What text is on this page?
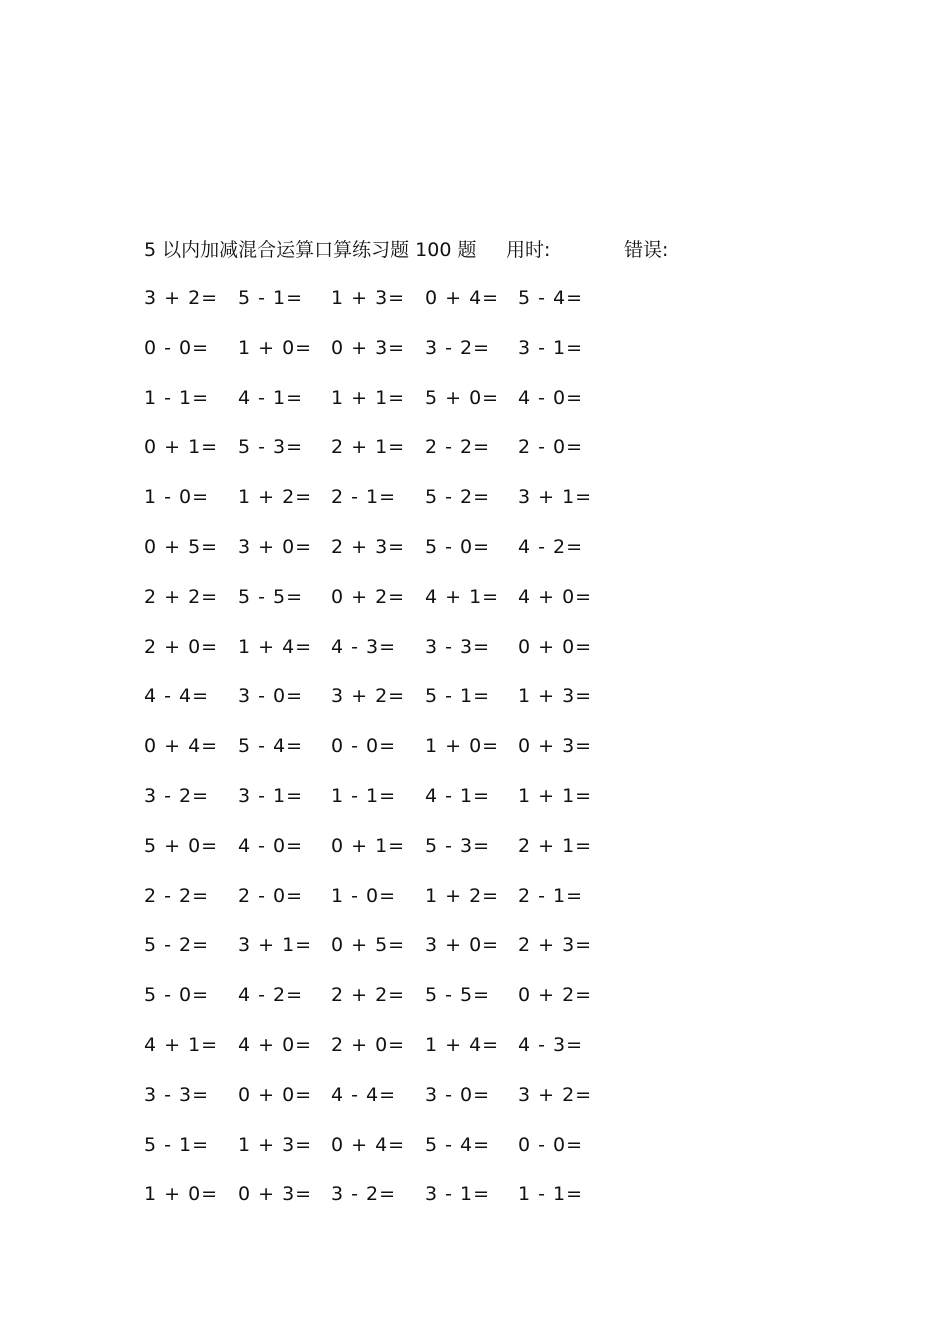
5 以内加减混合运算口算练习题 100 题 用时:	错误:
3 + 2= 5 - 1= 1 + 3= 0 + 4= 5 - 4=
0 - 0= 1 + 0= 0 + 3= 3 - 2= 3 - 1=
1 - 1= 4 - 1= 1 + 1= 5 + 0= 4 - 0=
0 + 1= 5 - 3= 2 + 1= 2 - 2= 2 - 0=
1 - 0= 1 + 2= 2 - 1= 5 - 2= 3 + 1=
0 + 5= 3 + 0= 2 + 3= 5 - 0= 4 - 2=
2 + 2= 5 - 5= 0 + 2= 4 + 1= 4 + 0=
2 + 0= 1 + 4= 4 - 3= 3 - 3= 0 + 0=
4 - 4= 3 - 0= 3 + 2= 5 - 1= 1 + 3=
0 + 4= 5 - 4= 0 - 0= 1 + 0= 0 + 3=
3 - 2= 3 - 1= 1 - 1= 4 - 1= 1 + 1=
5 + 0= 4 - 0= 0 + 1= 5 - 3= 2 + 1=
2 - 2= 2 - 0= 1 - 0= 1 + 2= 2 - 1=
5 - 2= 3 + 1= 0 + 5= 3 + 0= 2 + 3=
5 - 0= 4 - 2= 2 + 2= 5 - 5= 0 + 2=
4 + 1= 4 + 0= 2 + 0= 1 + 4= 4 - 3=
3 - 3= 0 + 0= 4 - 4= 3 - 0= 3 + 2=
5 - 1= 1 + 3= 0 + 4= 5 - 4= 0 - 0=
1 + 0= 0 + 3= 3 - 2= 3 - 1= 1 - 1=
